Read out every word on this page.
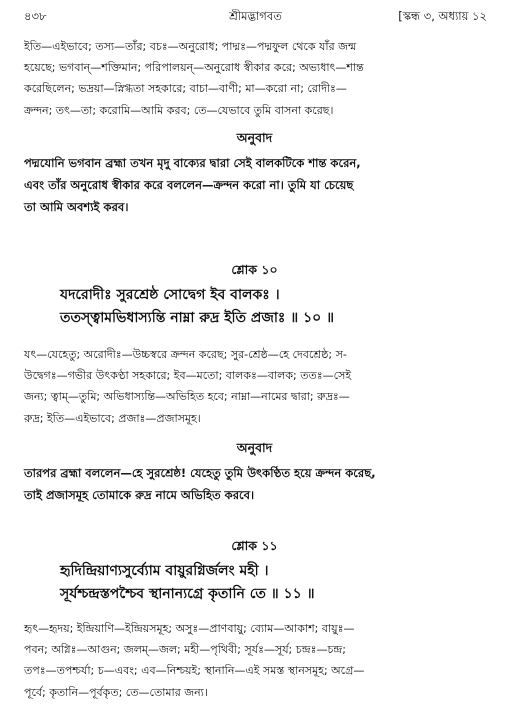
৪৩৮	শ্রীমদ্ভাগবত	[স্কন্ধ ৩, অধ্যায় ১২
ইতি—এইভাবে; তস্য—তাঁর; বচঃ—অনুরোধ; পাদ্মঃ—পদ্মফুল থেকে যাঁর জন্ম
হয়েছে; ভগবান্—শক্তিমান; পরিপালয়ন্—অনুরোধ স্বীকার করে; অভ্যধাৎ—শান্ত
করেছিলেন; ভদ্রয়া—স্নিগ্ধতা সহকারে; বাচা—বাণী; মা—করো না; রোদীঃ—
ক্রন্দন; তৎ—তা; করোমি—আমি করব; তে—যেভাবে তুমি বাসনা করেছ।
অনুবাদ
পদ্মযোনি ভগবান ব্রহ্মা তখন মৃদু বাক্যের দ্বারা সেই বালকটিকে শান্ত করেন,
এবং তাঁর অনুরোধ স্বীকার করে বললেন—ক্রন্দন করো না। তুমি যা চেয়েছ
তা আমি অবশ্যই করব।
শ্লোক ১০
যদরোদীঃ সুরশ্রেষ্ঠ সোদ্বেগ ইব বালকঃ ।
ততস্ত্বামভিধাস্যন্তি নাম্না রুদ্র ইতি প্রজাঃ ॥ ১০ ॥
যৎ—যেহেতু; অরোদীঃ—উচ্চস্বরে ক্রন্দন করেছ; সুর-শ্রেষ্ঠ—হে দেবশ্রেষ্ঠ; স-
উদ্বেগঃ—গভীর উৎকণ্ঠা সহকারে; ইব—মতো; বালকঃ—বালক; ততঃ—সেই
জন্য; ত্বাম্—তুমি; অভিধাস্যন্তি—অভিহিত হবে; নাম্না—নামের দ্বারা; রুদ্রঃ—
রুদ্র; ইতি—এইভাবে; প্রজাঃ—প্রজাসমূহ।
অনুবাদ
তারপর ব্রহ্মা বললেন—হে সুরশ্রেষ্ঠ! যেহেতু তুমি উৎকণ্ঠিত হয়ে ক্রন্দন করেছ,
তাই প্রজাসমূহ তোমাকে রুদ্র নামে অভিহিত করবে।
শ্লোক ১১
হৃদিন্দ্রিয়াণ্যসুর্ব্যোম বায়ুরগ্নির্জলং মহী ।
সূর্যশ্চন্দ্রস্তপশ্চৈব স্থানান্যগ্রে কৃতানি তে ॥ ১১ ॥
হৃৎ—হৃদয়; ইন্দ্রিয়াণি—ইন্দ্রিয়সমূহ; অসুঃ—প্রাণবায়ু; ব্যোম—আকাশ; বায়ুঃ—
পবন; অগ্নিঃ—আগুন; জলম্—জল; মহী—পৃথিবী; সূর্যঃ—সূর্য; চন্দ্রঃ—চন্দ্র;
তপঃ—তপশ্চর্যা; চ—এবং; এব—নিশ্চয়ই; স্থানানি—এই সমস্ত স্থানসমূহ; অগ্রে—
পূর্বে; কৃতানি—পূর্বকৃত; তে—তোমার জন্য।
